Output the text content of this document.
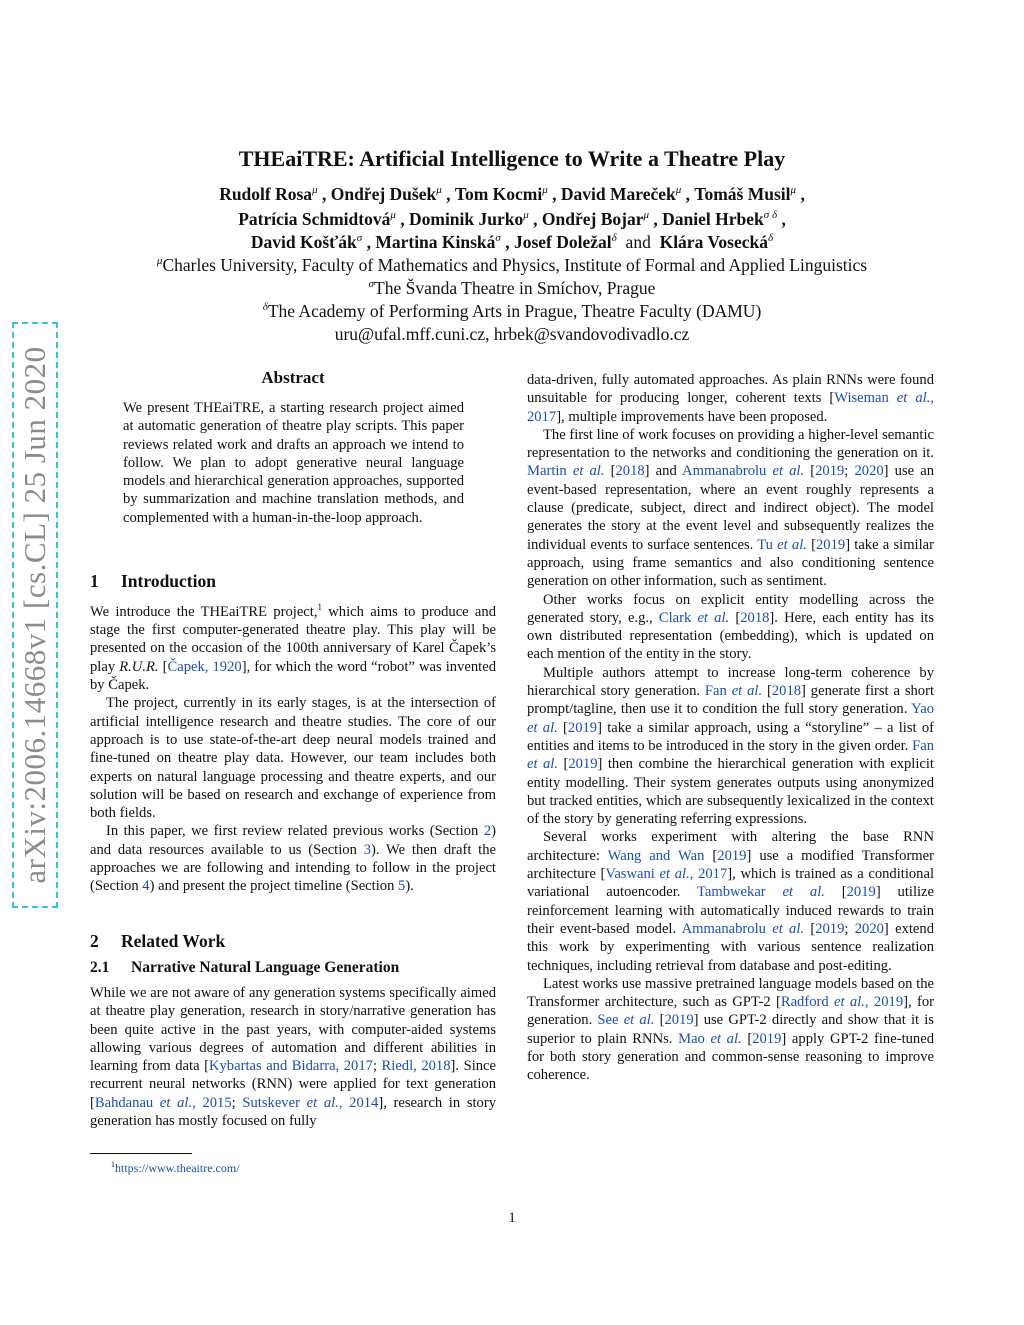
arXiv:2006.14668v1 [cs.CL] 25 Jun 2020
THEaiTRE: Artificial Intelligence to Write a Theatre Play
Rudolf Rosa$^\mu$ , Ondřej Dušek$^\mu$ , Tom Kocmi$^\mu$ , David Mareček$^\mu$ , Tomáš Musil$^\mu$ ,
Patrícia Schmidtová$^\mu$ , Dominik Jurko$^\mu$ , Ondřej Bojar$^\mu$ , Daniel Hrbek$^{\sigma \delta}$ ,
David Košťák$^\sigma$ , Martina Kinská$^\sigma$ , Josef Doležal$^\delta$ and Klára Vosecká$^\delta$
$^\mu$Charles University, Faculty of Mathematics and Physics, Institute of Formal and Applied Linguistics
$^\sigma$The Švanda Theatre in Smíchov, Prague
$^\delta$The Academy of Performing Arts in Prague, Theatre Faculty (DAMU)
uru@ufal.mff.cuni.cz, hrbek@svandovodivadlo.cz
Abstract

We present THEaiTRE, a starting research project aimed at automatic generation of theatre play scripts. This paper reviews related work and drafts an approach we intend to follow. We plan to adopt generative neural language models and hierarchical generation approaches, supported by summarization and machine translation methods, and complemented with a human-in-the-loop approach.

1 Introduction

We introduce the THEaiTRE project,$^1$ which aims to produce and stage the first computer-generated theatre play. This play will be presented on the occasion of the 100th anniversary of Karel Čapek’s play R.U.R. [Čapek, 1920], for which the word “robot” was invented by Čapek.

The project, currently in its early stages, is at the intersection of artificial intelligence research and theatre studies. The core of our approach is to use state-of-the-art deep neural models trained and fine-tuned on theatre play data. However, our team includes both experts on natural language processing and theatre experts, and our solution will be based on research and exchange of experience from both fields.

In this paper, we first review related previous works (Section 2) and data resources available to us (Section 3). We then draft the approaches we are following and intending to follow in the project (Section 4) and present the project timeline (Section 5).

2 Related Work
2.1 Narrative Natural Language Generation

While we are not aware of any generation systems specifically aimed at theatre play generation, research in story/narrative generation has been quite active in the past years, with computer-aided systems allowing various degrees of automation and different abilities in learning from data [Kybartas and Bidarra, 2017; Riedl, 2018]. Since recurrent neural networks (RNN) were applied for text generation [Bahdanau et al., 2015; Sutskever et al., 2014], research in story generation has mostly focused on fully

$^1$https://www.theaitre.com/

data-driven, fully automated approaches. As plain RNNs were found unsuitable for producing longer, coherent texts [Wiseman et al., 2017], multiple improvements have been proposed.

The first line of work focuses on providing a higher-level semantic representation to the networks and conditioning the generation on it. Martin et al. [2018] and Ammanabrolu et al. [2019; 2020] use an event-based representation, where an event roughly represents a clause (predicate, subject, direct and indirect object). The model generates the story at the event level and subsequently realizes the individual events to surface sentences. Tu et al. [2019] take a similar approach, using frame semantics and also conditioning sentence generation on other information, such as sentiment.

Other works focus on explicit entity modelling across the generated story, e.g., Clark et al. [2018]. Here, each entity has its own distributed representation (embedding), which is updated on each mention of the entity in the story.

Multiple authors attempt to increase long-term coherence by hierarchical story generation. Fan et al. [2018] generate first a short prompt/tagline, then use it to condition the full story generation. Yao et al. [2019] take a similar approach, using a “storyline” – a list of entities and items to be introduced in the story in the given order. Fan et al. [2019] then combine the hierarchical generation with explicit entity modelling. Their system generates outputs using anonymized but tracked entities, which are subsequently lexicalized in the context of the story by generating referring expressions.

Several works experiment with altering the base RNN architecture: Wang and Wan [2019] use a modified Transformer architecture [Vaswani et al., 2017], which is trained as a conditional variational autoencoder. Tambwekar et al. [2019] utilize reinforcement learning with automatically induced rewards to train their event-based model. Ammanabrolu et al. [2019; 2020] extend this work by experimenting with various sentence realization techniques, including retrieval from database and post-editing.

Latest works use massive pretrained language models based on the Transformer architecture, such as GPT-2 [Radford et al., 2019], for generation. See et al. [2019] use GPT-2 directly and show that it is superior to plain RNNs. Mao et al. [2019] apply GPT-2 fine-tuned for both story generation and common-sense reasoning to improve coherence.

1
